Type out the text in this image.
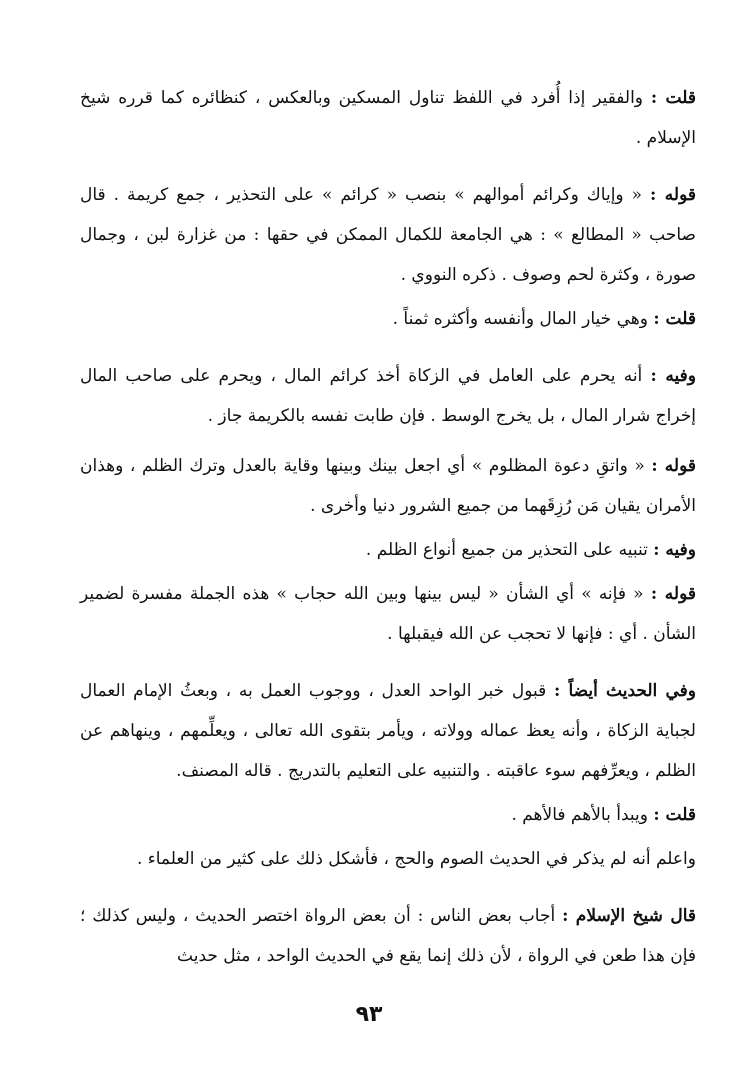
قلت : والفقير إذا أُفرد في اللفظ تناول المسكين وبالعكس ، كنظائره كما قرره شيخ الإسلام .

قوله : « وإياك وكرائم أموالهم » بنصب « كرائم » على التحذير ، جمع كريمة . قال صاحب « المطالع » : هي الجامعة للكمال الممكن في حقها : من غزارة لبن ، وجمال صورة ، وكثرة لحم وصوف . ذكره النووي .

قلت : وهي خيار المال وأنفسه وأكثره ثمناً .

وفيه : أنه يحرم على العامل في الزكاة أخذ كرائم المال ، ويحرم على صاحب المال إخراج شرار المال ، بل يخرج الوسط . فإن طابت نفسه بالكريمة جاز .

قوله : « واتقِ دعوة المظلوم » أي اجعل بينك وبينها وقاية بالعدل وترك الظلم ، وهذان الأمران يقيان مَن رُزِقَهما من جميع الشرور دنيا وأخرى .

وفيه : تنبيه على التحذير من جميع أنواع الظلم .

قوله : « فإنه » أي الشأن « ليس بينها وبين الله حجاب » هذه الجملة مفسرة لضمير الشأن . أي : فإنها لا تحجب عن الله فيقبلها .

وفي الحديث أيضاً : قبول خبر الواحد العدل ، ووجوب العمل به ، وبعثُ الإمام العمال لجباية الزكاة ، وأنه يعظ عماله وولاته ، ويأمر بتقوى الله تعالى ، ويعلِّمهم ، وينهاهم عن الظلم ، ويعرِّفهم سوء عاقبته . والتنبيه على التعليم بالتدريج . قاله المصنف.

قلت : ويبدأ بالأهم فالأهم .

واعلم أنه لم يذكر في الحديث الصوم والحج ، فأشكل ذلك على كثير من العلماء .

قال شيخ الإسلام : أجاب بعض الناس : أن بعض الرواة اختصر الحديث ، وليس كذلك ؛ فإن هذا طعن في الرواة ، لأن ذلك إنما يقع في الحديث الواحد ، مثل حديث

٩٣
